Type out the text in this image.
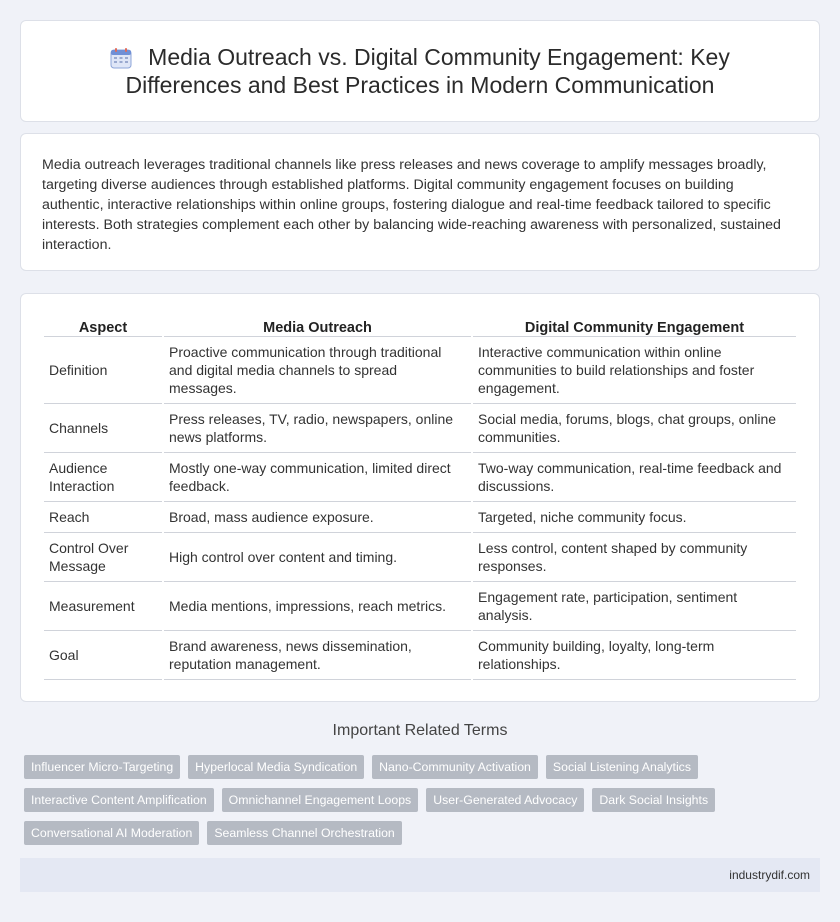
Media Outreach vs. Digital Community Engagement: Key Differences and Best Practices in Modern Communication

Media outreach leverages traditional channels like press releases and news coverage to amplify messages broadly, targeting diverse audiences through established platforms. Digital community engagement focuses on building authentic, interactive relationships within online groups, fostering dialogue and real-time feedback tailored to specific interests. Both strategies complement each other by balancing wide-reaching awareness with personalized, sustained interaction.

Aspect	Media Outreach	Digital Community Engagement
Definition	Proactive communication through traditional and digital media channels to spread messages.	Interactive communication within online communities to build relationships and foster engagement.
Channels	Press releases, TV, radio, newspapers, online news platforms.	Social media, forums, blogs, chat groups, online communities.
Audience Interaction	Mostly one-way communication, limited direct feedback.	Two-way communication, real-time feedback and discussions.
Reach	Broad, mass audience exposure.	Targeted, niche community focus.
Control Over Message	High control over content and timing.	Less control, content shaped by community responses.
Measurement	Media mentions, impressions, reach metrics.	Engagement rate, participation, sentiment analysis.
Goal	Brand awareness, news dissemination, reputation management.	Community building, loyalty, long-term relationships.
Important Related Terms
Influencer Micro-Targeting	Hyperlocal Media Syndication	Nano-Community Activation	Social Listening Analytics
Interactive Content Amplification	Omnichannel Engagement Loops	User-Generated Advocacy	Dark Social Insights
Conversational AI Moderation	Seamless Channel Orchestration
industrydif.com
